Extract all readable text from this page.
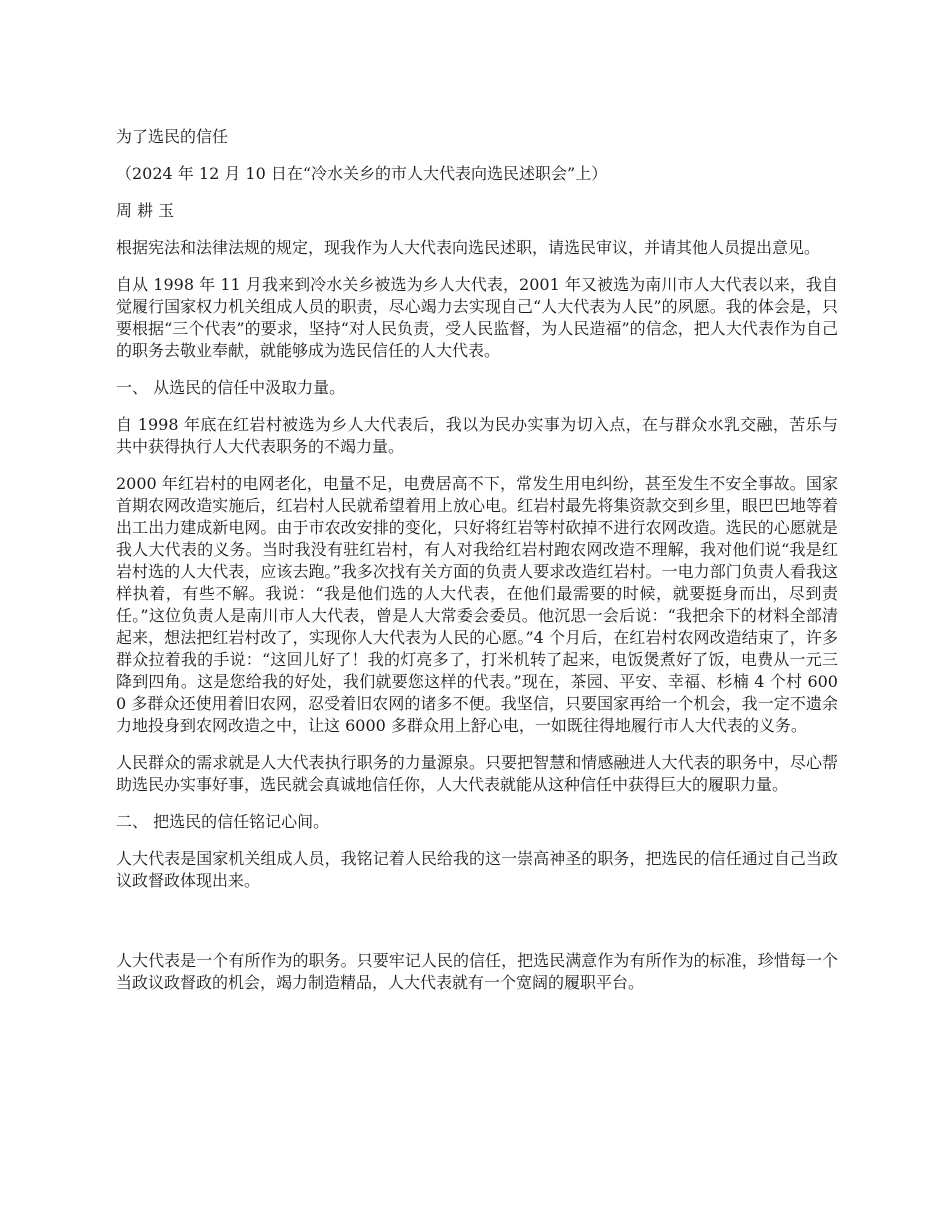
为了选民的信任

（2024 年 12 月 10 日在“冷水关乡的市人大代表向选民述职会”上）

周 耕 玉

根据宪法和法律法规的规定，现我作为人大代表向选民述职，请选民审议，并请其他人员提出意见。

自从 1998 年 11 月我来到冷水关乡被选为乡人大代表，2001 年又被选为南川市人大代表以来，我自觉履行国家权力机关组成人员的职责，尽心竭力去实现自己“人大代表为人民”的夙愿。我的体会是，只要根据“三个代表”的要求，坚持“对人民负责，受人民监督，为人民造福”的信念，把人大代表作为自己的职务去敬业奉献，就能够成为选民信任的人大代表。

一、 从选民的信任中汲取力量。

自 1998 年底在红岩村被选为乡人大代表后，我以为民办实事为切入点，在与群众水乳交融，苦乐与共中获得执行人大代表职务的不竭力量。

2000 年红岩村的电网老化，电量不足，电费居高不下，常发生用电纠纷，甚至发生不安全事故。国家首期农网改造实施后，红岩村人民就希望着用上放心电。红岩村最先将集资款交到乡里，眼巴巴地等着出工出力建成新电网。由于市农改安排的变化，只好将红岩等村砍掉不进行农网改造。选民的心愿就是我人大代表的义务。当时我没有驻红岩村，有人对我给红岩村跑农网改造不理解，我对他们说“我是红岩村选的人大代表，应该去跑。”我多次找有关方面的负责人要求改造红岩村。一电力部门负责人看我这样执着，有些不解。我说：“我是他们选的人大代表，在他们最需要的时候，就要挺身而出，尽到责任。”这位负责人是南川市人大代表，曾是人大常委会委员。他沉思一会后说：“我把余下的材料全部清起来，想法把红岩村改了，实现你人大代表为人民的心愿。”4 个月后，在红岩村农网改造结束了，许多群众拉着我的手说：“这回儿好了！我的灯亮多了，打米机转了起来，电饭煲煮好了饭，电费从一元三降到四角。这是您给我的好处，我们就要您这样的代表。”现在，茶园、平安、幸福、杉楠 4 个村 6000 多群众还使用着旧农网，忍受着旧农网的诸多不便。我坚信，只要国家再给一个机会，我一定不遗余力地投身到农网改造之中，让这 6000 多群众用上舒心电，一如既往得地履行市人大代表的义务。

人民群众的需求就是人大代表执行职务的力量源泉。只要把智慧和情感融进人大代表的职务中，尽心帮助选民办实事好事，选民就会真诚地信任你，人大代表就能从这种信任中获得巨大的履职力量。

二、 把选民的信任铭记心间。

人大代表是国家机关组成人员，我铭记着人民给我的这一崇高神圣的职务，把选民的信任通过自己当政议政督政体现出来。

人大代表是一个有所作为的职务。只要牢记人民的信任，把选民满意作为有所作为的标准，珍惜每一个当政议政督政的机会，竭力制造精品，人大代表就有一个宽阔的履职平台。
